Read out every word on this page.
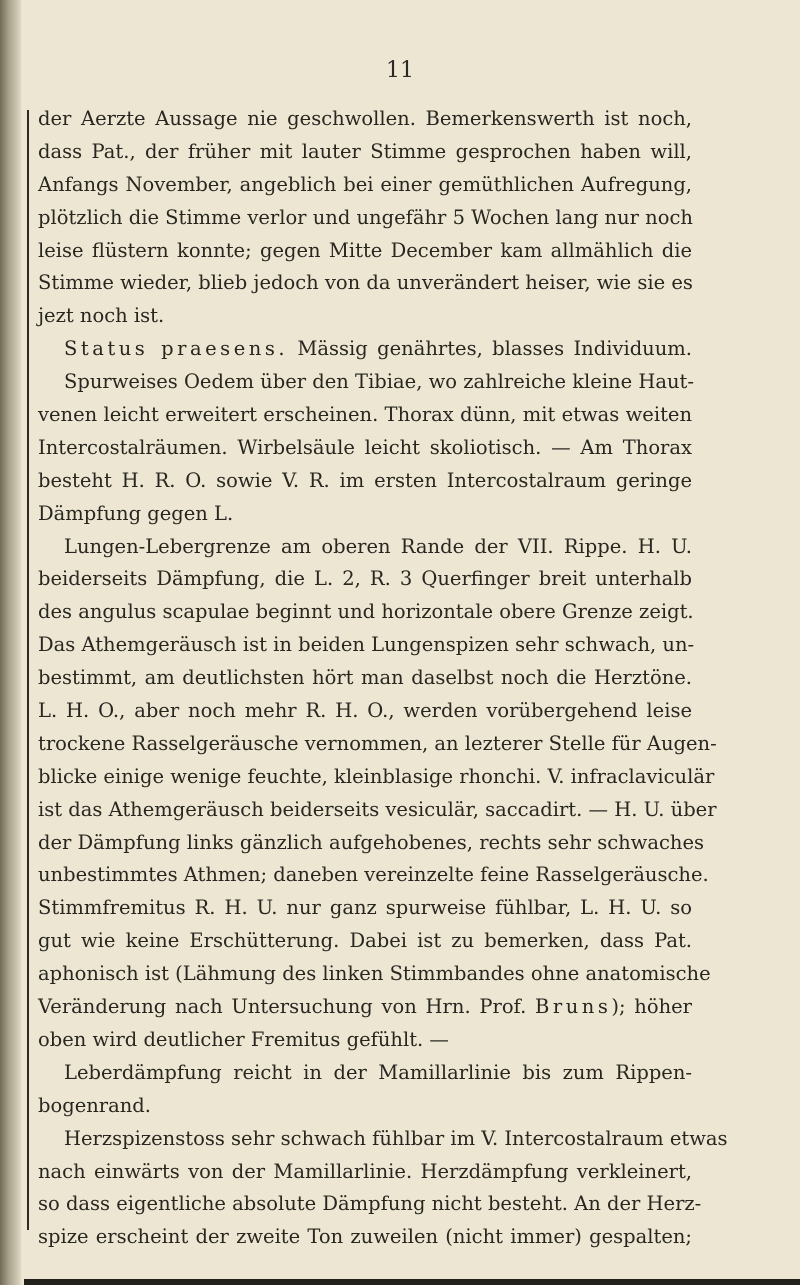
11
der Aerzte Aussage nie geschwollen. Bemerkenswerth ist noch,
dass Pat., der früher mit lauter Stimme gesprochen haben will,
Anfangs November, angeblich bei einer gemüthlichen Aufregung,
plötzlich die Stimme verlor und ungefähr 5 Wochen lang nur noch
leise flüstern konnte; gegen Mitte December kam allmählich die
Stimme wieder, blieb jedoch von da unverändert heiser, wie sie es
jezt noch ist.
Status praesens. Mässig genährtes, blasses Individuum.
Spurweises Oedem über den Tibiae, wo zahlreiche kleine Haut-
venen leicht erweitert erscheinen. Thorax dünn, mit etwas weiten
Intercostalräumen. Wirbelsäule leicht skoliotisch. — Am Thorax
besteht H. R. O. sowie V. R. im ersten Intercostalraum geringe
Dämpfung gegen L.
Lungen-Lebergrenze am oberen Rande der VII. Rippe. H. U.
beiderseits Dämpfung, die L. 2, R. 3 Querfinger breit unterhalb
des angulus scapulae beginnt und horizontale obere Grenze zeigt.
Das Athemgeräusch ist in beiden Lungenspizen sehr schwach, un-
bestimmt, am deutlichsten hört man daselbst noch die Herztöne.
L. H. O., aber noch mehr R. H. O., werden vorübergehend leise
trockene Rasselgeräusche vernommen, an lezterer Stelle für Augen-
blicke einige wenige feuchte, kleinblasige rhonchi. V. infraclaviculär
ist das Athemgeräusch beiderseits vesiculär, saccadirt. — H. U. über
der Dämpfung links gänzlich aufgehobenes, rechts sehr schwaches
unbestimmtes Athmen; daneben vereinzelte feine Rasselgeräusche.
Stimmfremitus R. H. U. nur ganz spurweise fühlbar, L. H. U. so
gut wie keine Erschütterung. Dabei ist zu bemerken, dass Pat.
aphonisch ist (Lähmung des linken Stimmbandes ohne anatomische
Veränderung nach Untersuchung von Hrn. Prof. Bruns); höher
oben wird deutlicher Fremitus gefühlt. —
Leberdämpfung reicht in der Mamillarlinie bis zum Rippen-
bogenrand.
Herzspizenstoss sehr schwach fühlbar im V. Intercostalraum etwas
nach einwärts von der Mamillarlinie. Herzdämpfung verkleinert,
so dass eigentliche absolute Dämpfung nicht besteht. An der Herz-
spize erscheint der zweite Ton zuweilen (nicht immer) gespalten;
